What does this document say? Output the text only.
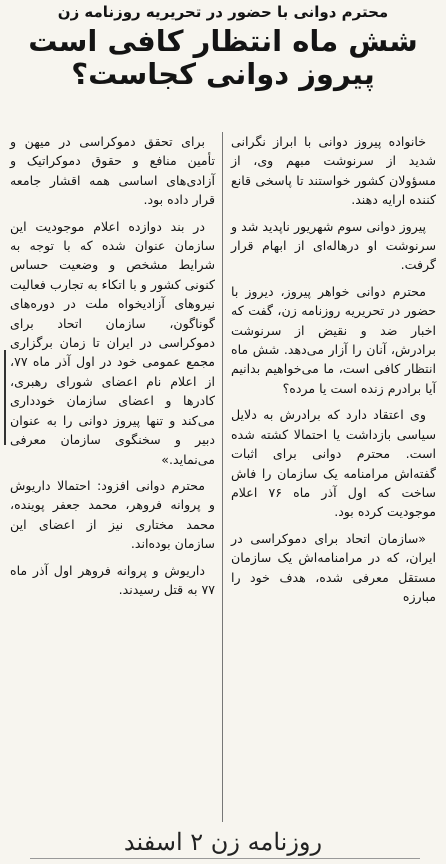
محترم دوانی با حضور در تحریریه روزنامه زن
شش ماه انتظار کافی است
پیروز دوانی کجاست؟

خانواده پیروز دوانی با ابراز نگرانی شدید از سرنوشت مبهم وی، از مسؤولان کشور خواستند تا پاسخی قانع کننده ارایه دهند.

پیروز دوانی سوم شهریور ناپدید شد و سرنوشت او درهاله‌ای از ابهام قرار گرفت.

محترم دوانی خواهر پیروز، دیروز با حضور در تحریریه روزنامه زن، گفت که اخبار ضد و نقیض از سرنوشت برادرش، آنان را آزار می‌دهد. شش ماه انتظار کافی است، ما می‌خواهیم بدانیم آیا برادرم زنده است یا مرده؟

وی اعتقاد دارد که برادرش به دلایل سیاسی بازداشت یا احتمالا کشته شده است. محترم دوانی برای اثبات گفته‌اش مرامنامه یک سازمان را فاش ساخت که اول آذر ماه ۷۶ اعلام موجودیت کرده بود.

«سازمان اتحاد برای دموکراسی در ایران، که در مرامنامه‌اش یک سازمان مستقل معرفی شده، هدف خود را مبارزه

برای تحقق دموکراسی در میهن و تأمین منافع و حقوق دموکراتیک و آزادی‌های اساسی همه اقشار جامعه قرار داده بود.

در بند دوازده اعلام موجودیت این سازمان عنوان شده که با توجه به شرایط مشخص و وضعیت حساس کنونی کشور و با اتکاء به تجارب فعالیت نیروهای آزادیخواه ملت در دوره‌های گوناگون، سازمان اتحاد برای دموکراسی در ایران تا زمان برگزاری مجمع عمومی خود در اول آذر ماه ۷۷، از اعلام نام اعضای شورای رهبری، کادرها و اعضای سازمان خودداری می‌کند و تنها پیروز دوانی را به عنوان دبیر و سخنگوی سازمان معرفی می‌نماید.»

محترم دوانی افزود: احتمالا داریوش و پروانه فروهر، محمد جعفر پوینده، محمد مختاری نیز از اعضای این سازمان بوده‌اند.

داریوش و پروانه فروهر اول آذر ماه ۷۷ به قتل رسیدند.

روزنامه زن ۲ اسفند
